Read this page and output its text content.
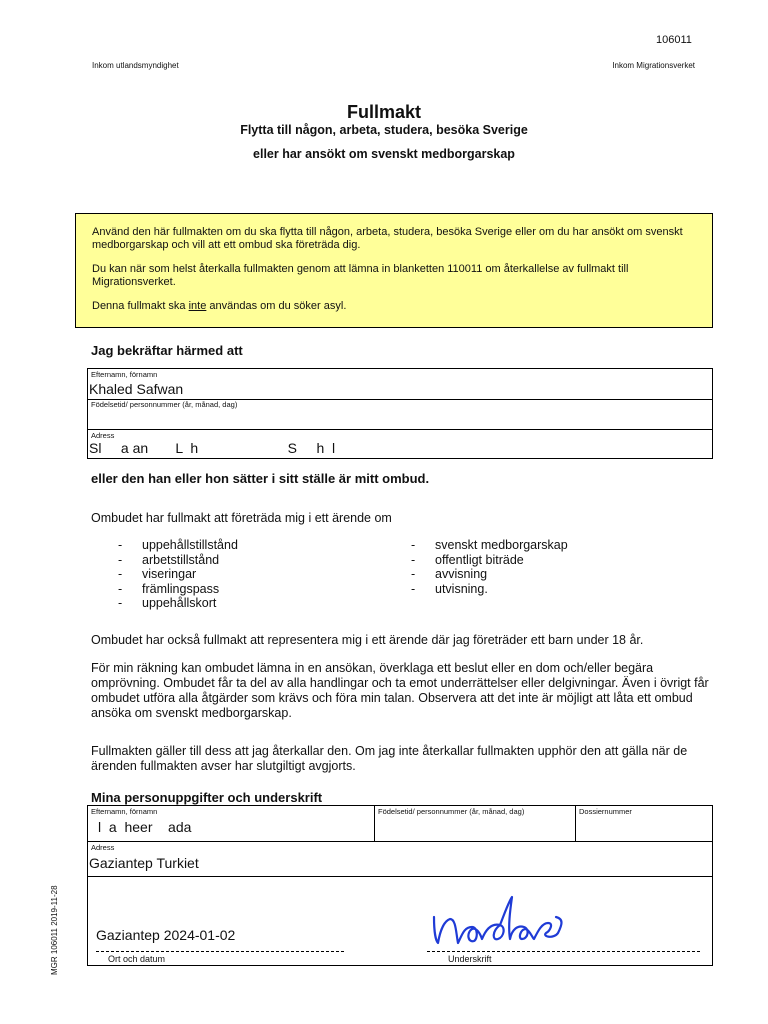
106011
Inkom utlandsmyndighet	Inkom Migrationsverket
Fullmakt
Flytta till någon, arbeta, studera, besöka Sverige
eller har ansökt om svenskt medborgarskap

Använd den här fullmakten om du ska flytta till någon, arbeta, studera, besöka Sverige eller om du har ansökt om svenskt medborgarskap och vill att ett ombud ska företräda dig.

Du kan när som helst återkalla fullmakten genom att lämna in blanketten 110011 om återkallelse av fullmakt till Migrationsverket.

Denna fullmakt ska inte användas om du söker asyl.

Jag bekräftar härmed att
Efternamn, förnamn
Khaled Safwan
Födelsetid/ personnummer (år, månad, dag)
Adress
Sl     a an       L  h                       S     h  l
eller den han eller hon sätter i sitt ställe är mitt ombud.
Ombudet har fullmakt att företräda mig i ett ärende om
- uppehållstillstånd
- arbetstillstånd
- viseringar
- främlingspass
- uppehållskort
- svenskt medborgarskap
- offentligt biträde
- avvisning
- utvisning.
Ombudet har också fullmakt att representera mig i ett ärende där jag företräder ett barn under 18 år.
För min räkning kan ombudet lämna in en ansökan, överklaga ett beslut eller en dom och/eller begära omprövning. Ombudet får ta del av alla handlingar och ta emot underrättelser eller delgivningar. Även i övrigt får ombudet utföra alla åtgärder som krävs och föra min talan. Observera att det inte är möjligt att låta ett ombud ansöka om svenskt medborgarskap.
Fullmakten gäller till dess att jag återkallar den. Om jag inte återkallar fullmakten upphör den att gälla när de ärenden fullmakten avser har slutgiltigt avgjorts.
Mina personuppgifter och underskrift
Efternamn, förnamn
l  a  heer    ada
Födelsetid/ personnummer (år, månad, dag)	Dossiernummer
Adress
Gaziantep Turkiet
Gaziantep 2024-01-02
Ort och datum	Underskrift
MGR 106011 2019-11-28
